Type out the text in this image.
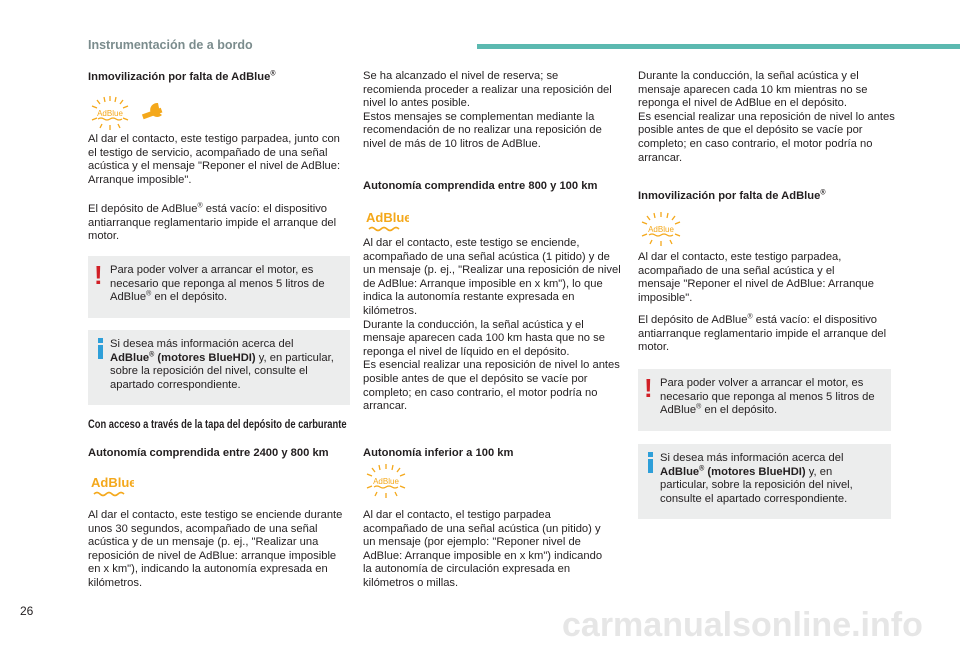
Instrumentación de a bordo
Inmovilización por falta de AdBlue®
AdBlue
Al dar el contacto, este testigo parpadea, junto con el testigo de servicio, acompañado de una señal acústica y el mensaje "Reponer el nivel de AdBlue: Arranque imposible".
El depósito de AdBlue® está vacío: el dispositivo antiarranque reglamentario impide el arranque del motor.
! Para poder volver a arrancar el motor, es necesario que reponga al menos 5 litros de AdBlue® en el depósito.
Si desea más información acerca del AdBlue® (motores BlueHDI) y, en particular, sobre la reposición del nivel, consulte el apartado correspondiente.
Con acceso a través de la tapa del depósito de carburante
Autonomía comprendida entre 2400 y 800 km
AdBlue
Al dar el contacto, este testigo se enciende durante unos 30 segundos, acompañado de una señal acústica y de un mensaje (p. ej., "Realizar una reposición de nivel de AdBlue: arranque imposible en x km"), indicando la autonomía expresada en kilómetros.
Se ha alcanzado el nivel de reserva; se recomienda proceder a realizar una reposición del nivel lo antes posible.
Estos mensajes se complementan mediante la recomendación de no realizar una reposición de nivel de más de 10 litros de AdBlue.
Autonomía comprendida entre 800 y 100 km
AdBlue
Al dar el contacto, este testigo se enciende, acompañado de una señal acústica (1 pitido) y de un mensaje (p. ej., "Realizar una reposición de nivel de AdBlue: Arranque imposible en x km"), lo que indica la autonomía restante expresada en kilómetros.
Durante la conducción, la señal acústica y el mensaje aparecen cada 100 km hasta que no se reponga el nivel de líquido en el depósito.
Es esencial realizar una reposición de nivel lo antes posible antes de que el depósito se vacíe por completo; en caso contrario, el motor podría no arrancar.
Autonomía inferior a 100 km
AdBlue
Al dar el contacto, el testigo parpadea acompañado de una señal acústica (un pitido) y un mensaje (por ejemplo: "Reponer nivel de AdBlue: Arranque imposible en x km") indicando la autonomía de circulación expresada en kilómetros o millas.
Durante la conducción, la señal acústica y el mensaje aparecen cada 10 km mientras no se reponga el nivel de AdBlue en el depósito.
Es esencial realizar una reposición de nivel lo antes posible antes de que el depósito se vacíe por completo; en caso contrario, el motor podría no arrancar.
Inmovilización por falta de AdBlue®
AdBlue
Al dar el contacto, este testigo parpadea, acompañado de una señal acústica y el mensaje "Reponer el nivel de AdBlue: Arranque imposible".
El depósito de AdBlue® está vacío: el dispositivo antiarranque reglamentario impide el arranque del motor.
! Para poder volver a arrancar el motor, es necesario que reponga al menos 5 litros de AdBlue® en el depósito.
Si desea más información acerca del AdBlue® (motores BlueHDI) y, en particular, sobre la reposición del nivel, consulte el apartado correspondiente.
26	carmanualsonline.info
